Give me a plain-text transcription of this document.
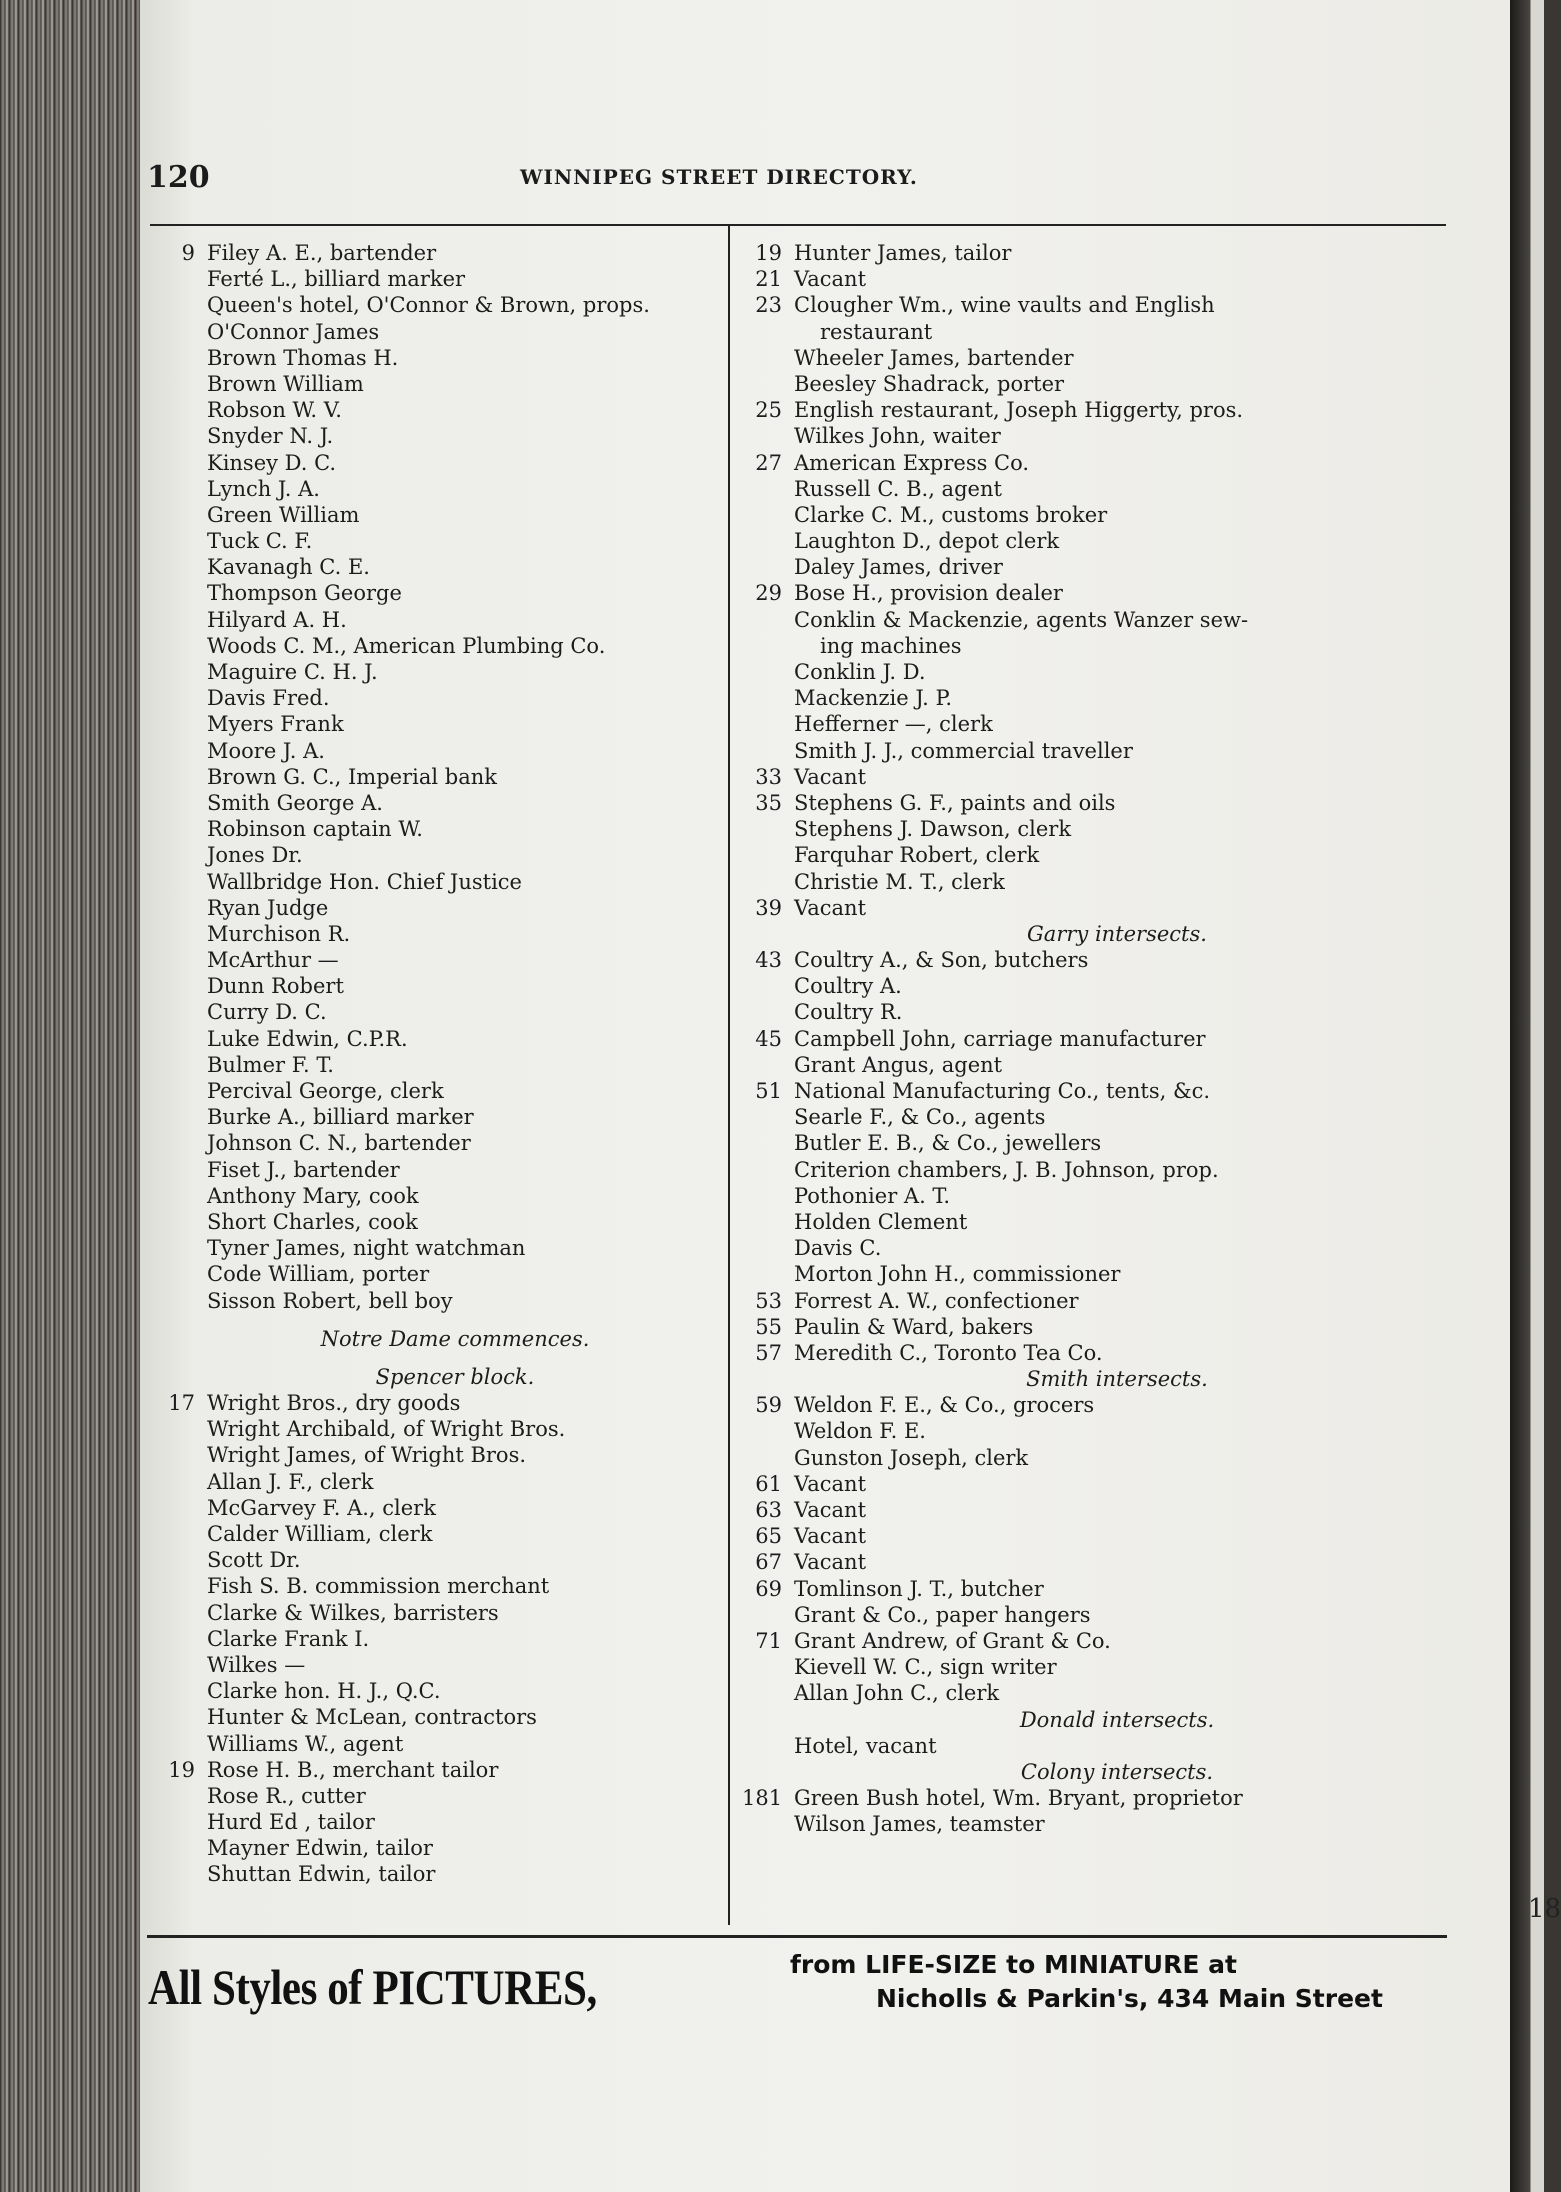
18
120	WINNIPEG STREET DIRECTORY.
9 Filey A. E., bartender
Ferté L., billiard marker
Queen's hotel, O'Connor & Brown, props.
O'Connor James
Brown Thomas H.
Brown William
Robson W. V.
Snyder N. J.
Kinsey D. C.
Lynch J. A.
Green William
Tuck C. F.
Kavanagh C. E.
Thompson George
Hilyard A. H.
Woods C. M., American Plumbing Co.
Maguire C. H. J.
Davis Fred.
Myers Frank
Moore J. A.
Brown G. C., Imperial bank
Smith George A.
Robinson captain W.
Jones Dr.
Wallbridge Hon. Chief Justice
Ryan Judge
Murchison R.
McArthur —
Dunn Robert
Curry D. C.
Luke Edwin, C.P.R.
Bulmer F. T.
Percival George, clerk
Burke A., billiard marker
Johnson C. N., bartender
Fiset J., bartender
Anthony Mary, cook
Short Charles, cook
Tyner James, night watchman
Code William, porter
Sisson Robert, bell boy
Notre Dame commences.
Spencer block.
17 Wright Bros., dry goods
Wright Archibald, of Wright Bros.
Wright James, of Wright Bros.
Allan J. F., clerk
McGarvey F. A., clerk
Calder William, clerk
Scott Dr.
Fish S. B. commission merchant
Clarke & Wilkes, barristers
Clarke Frank I.
Wilkes —
Clarke hon. H. J., Q.C.
Hunter & McLean, contractors
Williams W., agent
19 Rose H. B., merchant tailor
Rose R., cutter
Hurd Ed , tailor
Mayner Edwin, tailor
Shuttan Edwin, tailor
19 Hunter James, tailor
21 Vacant
23 Clougher Wm., wine vaults and English
restaurant
Wheeler James, bartender
Beesley Shadrack, porter
25 English restaurant, Joseph Higgerty, pros.
Wilkes John, waiter
27 American Express Co.
Russell C. B., agent
Clarke C. M., customs broker
Laughton D., depot clerk
Daley James, driver
29 Bose H., provision dealer
Conklin & Mackenzie, agents Wanzer sew-
ing machines
Conklin J. D.
Mackenzie J. P.
Hefferner —, clerk
Smith J. J., commercial traveller
33 Vacant
35 Stephens G. F., paints and oils
Stephens J. Dawson, clerk
Farquhar Robert, clerk
Christie M. T., clerk
39 Vacant
Garry intersects.
43 Coultry A., & Son, butchers
Coultry A.
Coultry R.
45 Campbell John, carriage manufacturer
Grant Angus, agent
51 National Manufacturing Co., tents, &c.
Searle F., & Co., agents
Butler E. B., & Co., jewellers
Criterion chambers, J. B. Johnson, prop.
Pothonier A. T.
Holden Clement
Davis C.
Morton John H., commissioner
53 Forrest A. W., confectioner
55 Paulin & Ward, bakers
57 Meredith C., Toronto Tea Co.
Smith intersects.
59 Weldon F. E., & Co., grocers
Weldon F. E.
Gunston Joseph, clerk
61 Vacant
63 Vacant
65 Vacant
67 Vacant
69 Tomlinson J. T., butcher
Grant & Co., paper hangers
71 Grant Andrew, of Grant & Co.
Kievell W. C., sign writer
Allan John C., clerk
Donald intersects.
Hotel, vacant
Colony intersects.
181 Green Bush hotel, Wm. Bryant, proprietor
Wilson James, teamster
All Styles of PICTURES,	from LIFE-SIZE to MINIATURE at
Nicholls & Parkin's, 434 Main Street
